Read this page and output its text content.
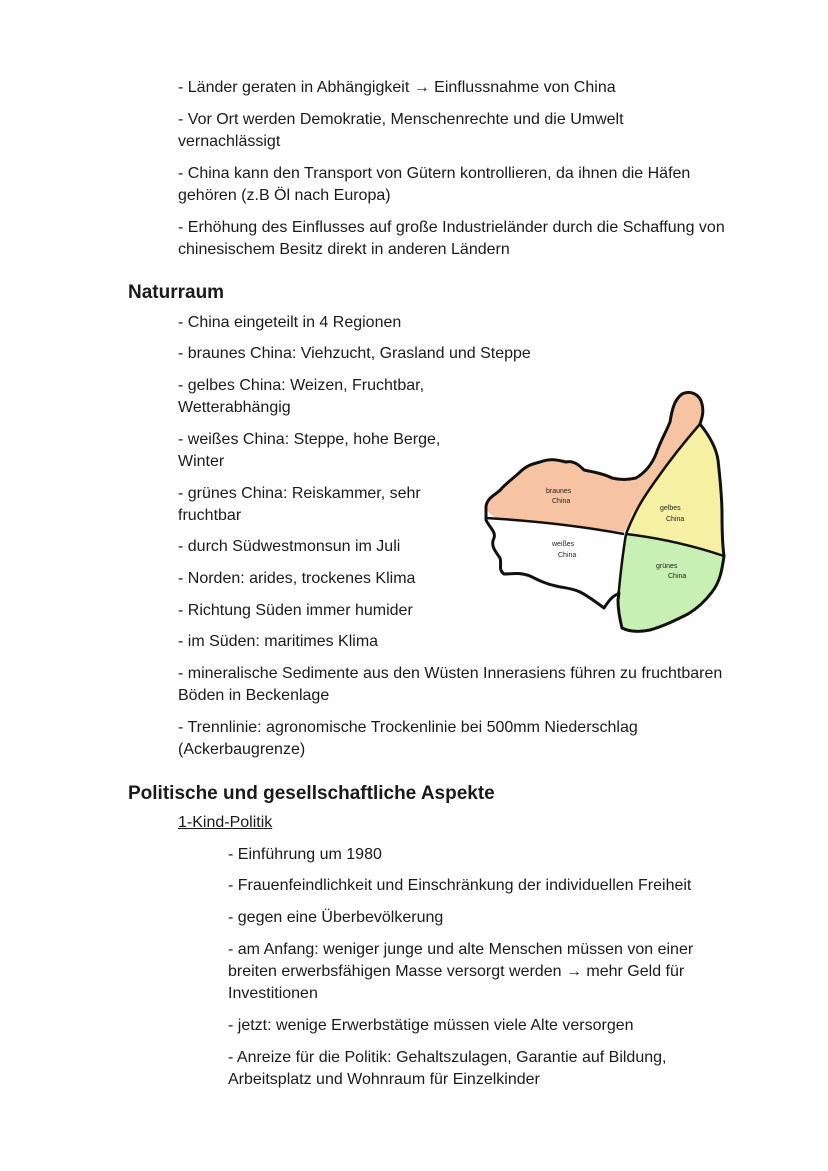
- Länder geraten in Abhängigkeit → Einflussnahme von China

- Vor Ort werden Demokratie, Menschenrechte und die Umwelt

vernachlässigt

- China kann den Transport von Gütern kontrollieren, da ihnen die Häfen

gehören (z.B Öl nach Europa)

- Erhöhung des Einflusses auf große Industrieländer durch die Schaffung von

chinesischem Besitz direkt in anderen Ländern

Naturraum

- China eingeteilt in 4 Regionen

- braunes China: Viehzucht, Grasland und Steppe

- gelbes China: Weizen, Fruchtbar,

Wetterabhängig

- weißes China: Steppe, hohe Berge,

Winter

- grünes China: Reiskammer, sehr

fruchtbar

- durch Südwestmonsun im Juli

- Norden: arides, trockenes Klima

- Richtung Süden immer humider

- im Süden: maritimes Klima

- mineralische Sedimente aus den Wüsten Innerasiens führen zu fruchtbaren

Böden in Beckenlage

- Trennlinie: agronomische Trockenlinie bei 500mm Niederschlag

(Ackerbaugrenze)

braunes
China
gelbes
China
weißes
China
grünes
China
Politische und gesellschaftliche Aspekte
1-Kind-Politik

- Einführung um 1980

- Frauenfeindlichkeit und Einschränkung der individuellen Freiheit

- gegen eine Überbevölkerung

- am Anfang: weniger junge und alte Menschen müssen von einer

breiten erwerbsfähigen Masse versorgt werden → mehr Geld für

Investitionen

- jetzt: wenige Erwerbstätige müssen viele Alte versorgen

- Anreize für die Politik: Gehaltszulagen, Garantie auf Bildung,

Arbeitsplatz und Wohnraum für Einzelkinder
